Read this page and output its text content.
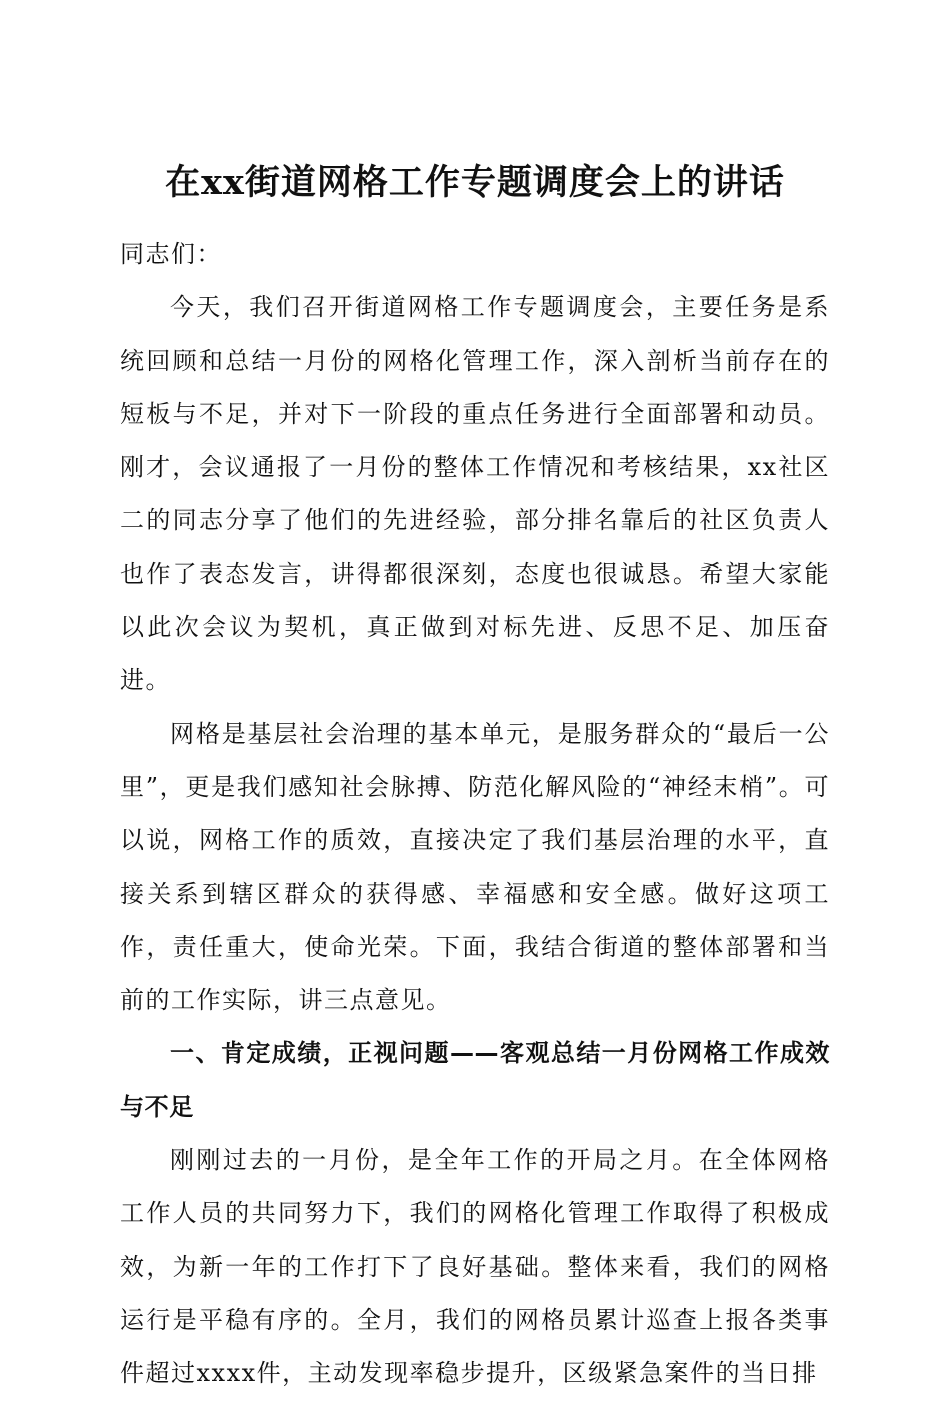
在xx街道网格工作专题调度会上的讲话

同志们：

今天，我们召开街道网格工作专题调度会，主要任务是系统回顾和总结一月份的网格化管理工作，深入剖析当前存在的短板与不足，并对下一阶段的重点任务进行全面部署和动员。刚才，会议通报了一月份的整体工作情况和考核结果，xx社区二的同志分享了他们的先进经验，部分排名靠后的社区负责人也作了表态发言，讲得都很深刻，态度也很诚恳。希望大家能以此次会议为契机，真正做到对标先进、反思不足、加压奋进。

网格是基层社会治理的基本单元，是服务群众的“最后一公里”，更是我们感知社会脉搏、防范化解风险的“神经末梢”。可以说，网格工作的质效，直接决定了我们基层治理的水平，直接关系到辖区群众的获得感、幸福感和安全感。做好这项工作，责任重大，使命光荣。下面，我结合街道的整体部署和当前的工作实际，讲三点意见。

一、肯定成绩，正视问题——客观总结一月份网格工作成效与不足

刚刚过去的一月份，是全年工作的开局之月。在全体网格工作人员的共同努力下，我们的网格化管理工作取得了积极成效，为新一年的工作打下了良好基础。整体来看，我们的网格运行是平稳有序的。全月，我们的网格员累计巡查上报各类事件超过xxxx件，主动发现率稳步提升，区级紧急案件的当日排
